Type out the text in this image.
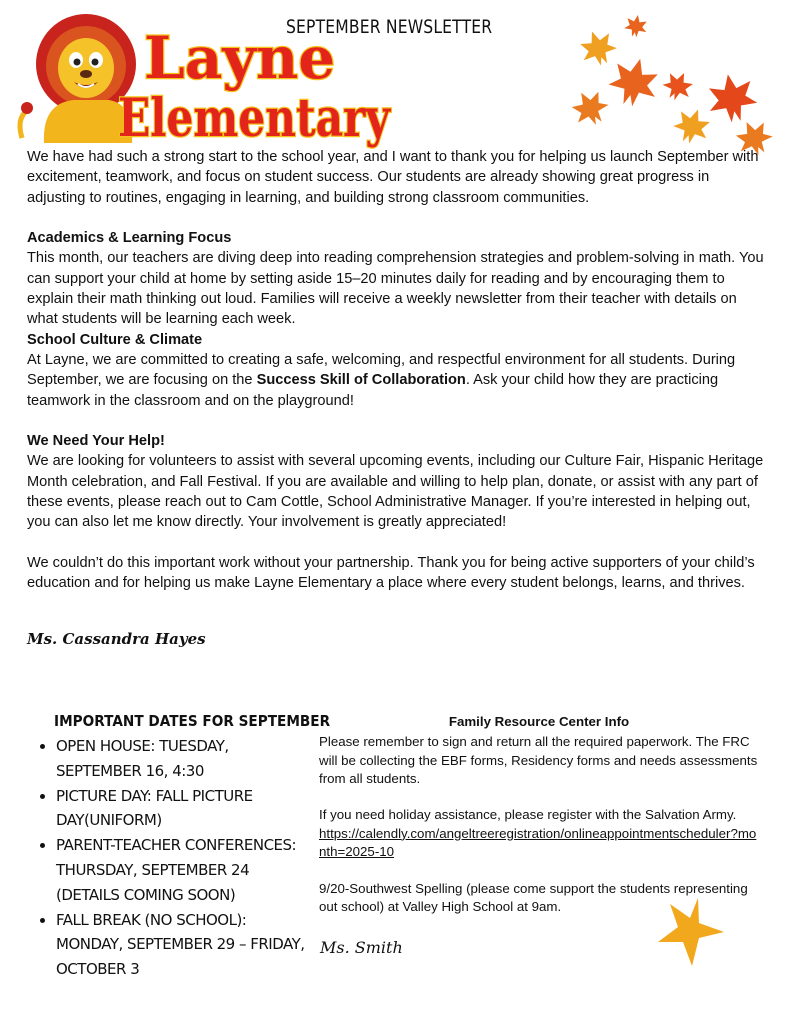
Layne
Elementary
SEPTEMBER NEWSLETTER

We have had such a strong start to the school year, and I want to thank you for helping us launch September with excitement, teamwork, and focus on student success. Our students are already showing great progress in adjusting to routines, engaging in learning, and building strong classroom communities.

Academics & Learning Focus

This month, our teachers are diving deep into reading comprehension strategies and problem-solving in math. You can support your child at home by setting aside 15–20 minutes daily for reading and by encouraging them to explain their math thinking out loud. Families will receive a weekly newsletter from their teacher with details on what students will be learning each week.

School Culture & Climate

At Layne, we are committed to creating a safe, welcoming, and respectful environment for all students. During September, we are focusing on the Success Skill of Collaboration. Ask your child how they are practicing teamwork in the classroom and on the playground!

We Need Your Help!

We are looking for volunteers to assist with several upcoming events, including our Culture Fair, Hispanic Heritage Month celebration, and Fall Festival. If you are available and willing to help plan, donate, or assist with any part of these events, please reach out to Cam Cottle, School Administrative Manager. If you’re interested in helping out, you can also let me know directly. Your involvement is greatly appreciated!

We couldn’t do this important work without your partnership. Thank you for being active supporters of your child’s education and for helping us make Layne Elementary a place where every student belongs, learns, and thrives.

Ms. Cassandra Hayes
IMPORTANT DATES FOR SEPTEMBER
• OPEN HOUSE: TUESDAY, SEPTEMBER 16, 4:30
• PICTURE DAY: FALL PICTURE DAY(UNIFORM)
• PARENT-TEACHER CONFERENCES: THURSDAY, SEPTEMBER 24 (DETAILS COMING SOON)
• FALL BREAK (NO SCHOOL): MONDAY, SEPTEMBER 29 – FRIDAY, OCTOBER 3

Family Resource Center Info

Please remember to sign and return all the required paperwork. The FRC will be collecting the EBF forms, Residency forms and needs assessments from all students.

If you need holiday assistance, please register with the Salvation Army.

https://calendly.com/angeltreeregistration/onlineappointmentscheduler?month=2025-10

9/20-Southwest Spelling (please come support the students representing out school) at Valley High School at 9am.

Ms. Smith
